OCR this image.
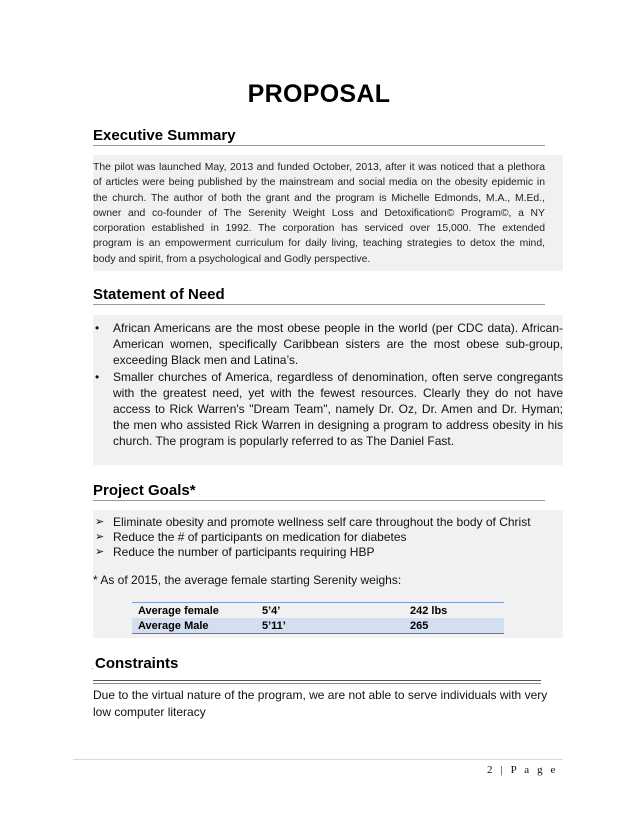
PROPOSAL
Executive Summary
The pilot was launched May, 2013 and funded October, 2013, after it was noticed that a plethora of articles were being published by the mainstream and social media on the obesity epidemic in the church. The author of both the grant and the program is Michelle Edmonds, M.A., M.Ed., owner and co-founder of The Serenity Weight Loss and Detoxification© Program©, a NY corporation established in 1992. The corporation has serviced over 15,000. The extended program is an empowerment curriculum for daily living, teaching strategies to detox the mind, body and spirit, from a psychological and Godly perspective.
Statement of Need
• African Americans are the most obese people in the world (per CDC data). African-American women, specifically Caribbean sisters are the most obese sub-group, exceeding Black men and Latina’s.
• Smaller churches of America, regardless of denomination, often serve congregants with the greatest need, yet with the fewest resources. Clearly they do not have access to Rick Warren's "Dream Team", namely Dr. Oz, Dr. Amen and Dr. Hyman; the men who assisted Rick Warren in designing a program to address obesity in his church. The program is popularly referred to as The Daniel Fast.
Project Goals*
➢ Eliminate obesity and promote wellness self care throughout the body of Christ
➢ Reduce the # of participants on medication for diabetes
➢ Reduce the number of participants requiring HBP
* As of 2015, the average female starting Serenity weighs:
Average female	5’4’	242 lbs
Average Male	5’11’	265
. Constraints
Due to the virtual nature of the program, we are not able to serve individuals with very low computer literacy
2 | P a g e
